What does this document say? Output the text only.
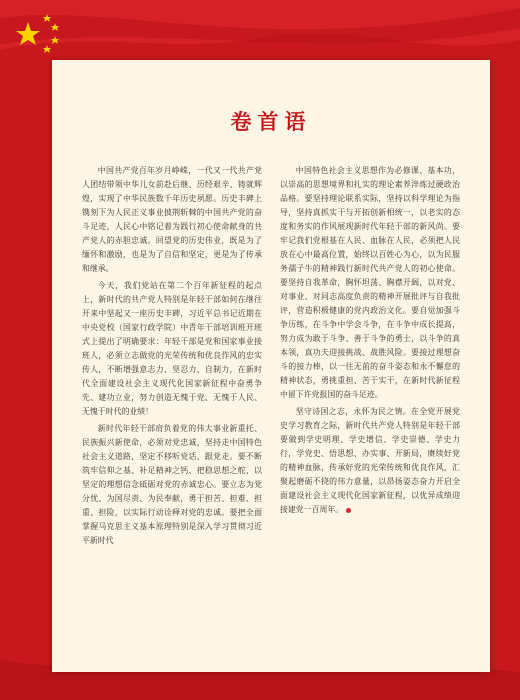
卷首语

中国共产党百年岁月峥嵘，一代又一代共产党人团结带领中华儿女前赴后继、历经艰辛、铸就辉煌，实现了中华民族数千年历史夙愿。历史丰碑上镌刻下为人民正义事业披荆斩棘的中国共产党的奋斗足迹，人民心中铭记着为践行初心使命献身的共产党人的赤胆忠诚。回望党的历史伟业，既是为了缅怀和激励，也是为了自信和坚定，更是为了传承和继承。

今天，我们党站在第二个百年新征程的起点上，新时代的共产党人特别是年轻干部如何在继往开来中坚起又一座历史丰碑，习近平总书记近期在中央党校（国家行政学院）中青年干部培训班开班式上提出了明确要求：年轻干部是党和国家事业接班人，必须立志做党的光荣传统和优良作风的忠实传人，不断增强意志力、坚忍力、自制力，在新时代全面建设社会主义现代化国家新征程中奋勇争先、建功立业，努力创造无愧于党、无愧于人民、无愧于时代的业绩！

新时代年轻干部肩负着党的伟大事业新重托、民族振兴新使命，必须对党忠诚，坚持走中国特色社会主义道路，坚定不移听党话、跟党走。要不断筑牢信仰之基、补足精神之钙、把稳思想之舵，以坚定的理想信念砥砺对党的赤诚忠心。要立志为党分忧、为国尽责、为民奉献，勇于担苦、担难、担重、担险，以实际行动诠释对党的忠诚。要把全面掌握马克思主义基本原理特别是深入学习贯彻习近平新时代

中国特色社会主义思想作为必修课、基本功，以崇高的思想境界和扎实的理论素养淬炼过硬政治品格。要坚持理论联系实际，坚持以科学理论为指导，坚持真抓实干与开拓创新相统一，以老实的态度和务实的作风展现新时代年轻干部的新风尚。要牢记我们党根基在人民、血脉在人民，必须把人民放在心中最高位置，始终以百姓心为心，以为民服务孺子牛的精神践行新时代共产党人的初心使命。要坚持自我革命，胸怀坦荡、胸襟开阔，以对党、对事业、对同志高度负责的精神开展批评与自我批评，营造积极健康的党内政治文化。要自觉加强斗争历练，在斗争中学会斗争，在斗争中成长提高，努力成为敢于斗争、善于斗争的勇士，以斗争的真本领，真功夫迎接挑战、战胜风险。要接过理想奋斗的接力棒，以一往无前的奋斗姿态和永不懈怠的精神状态，勇挑重担、苦干实干，在新时代新征程中留下许党报国的奋斗足迹。

坚守诗国之志，永怀为民之情。在全党开展党史学习教育之际，新时代共产党人特别是年轻干部要做到学史明理、学史增信、学史崇德、学史力行，学党史、悟思想、办实事、开新局，赓续好党的精神血脉，传承好党的光荣传统和优良作风，汇聚起磨砺不挠的伟力意量，以昂扬姿态奋力开启全面建设社会主义现代化国家新征程，以优异成绩迎接建党一百周年。
